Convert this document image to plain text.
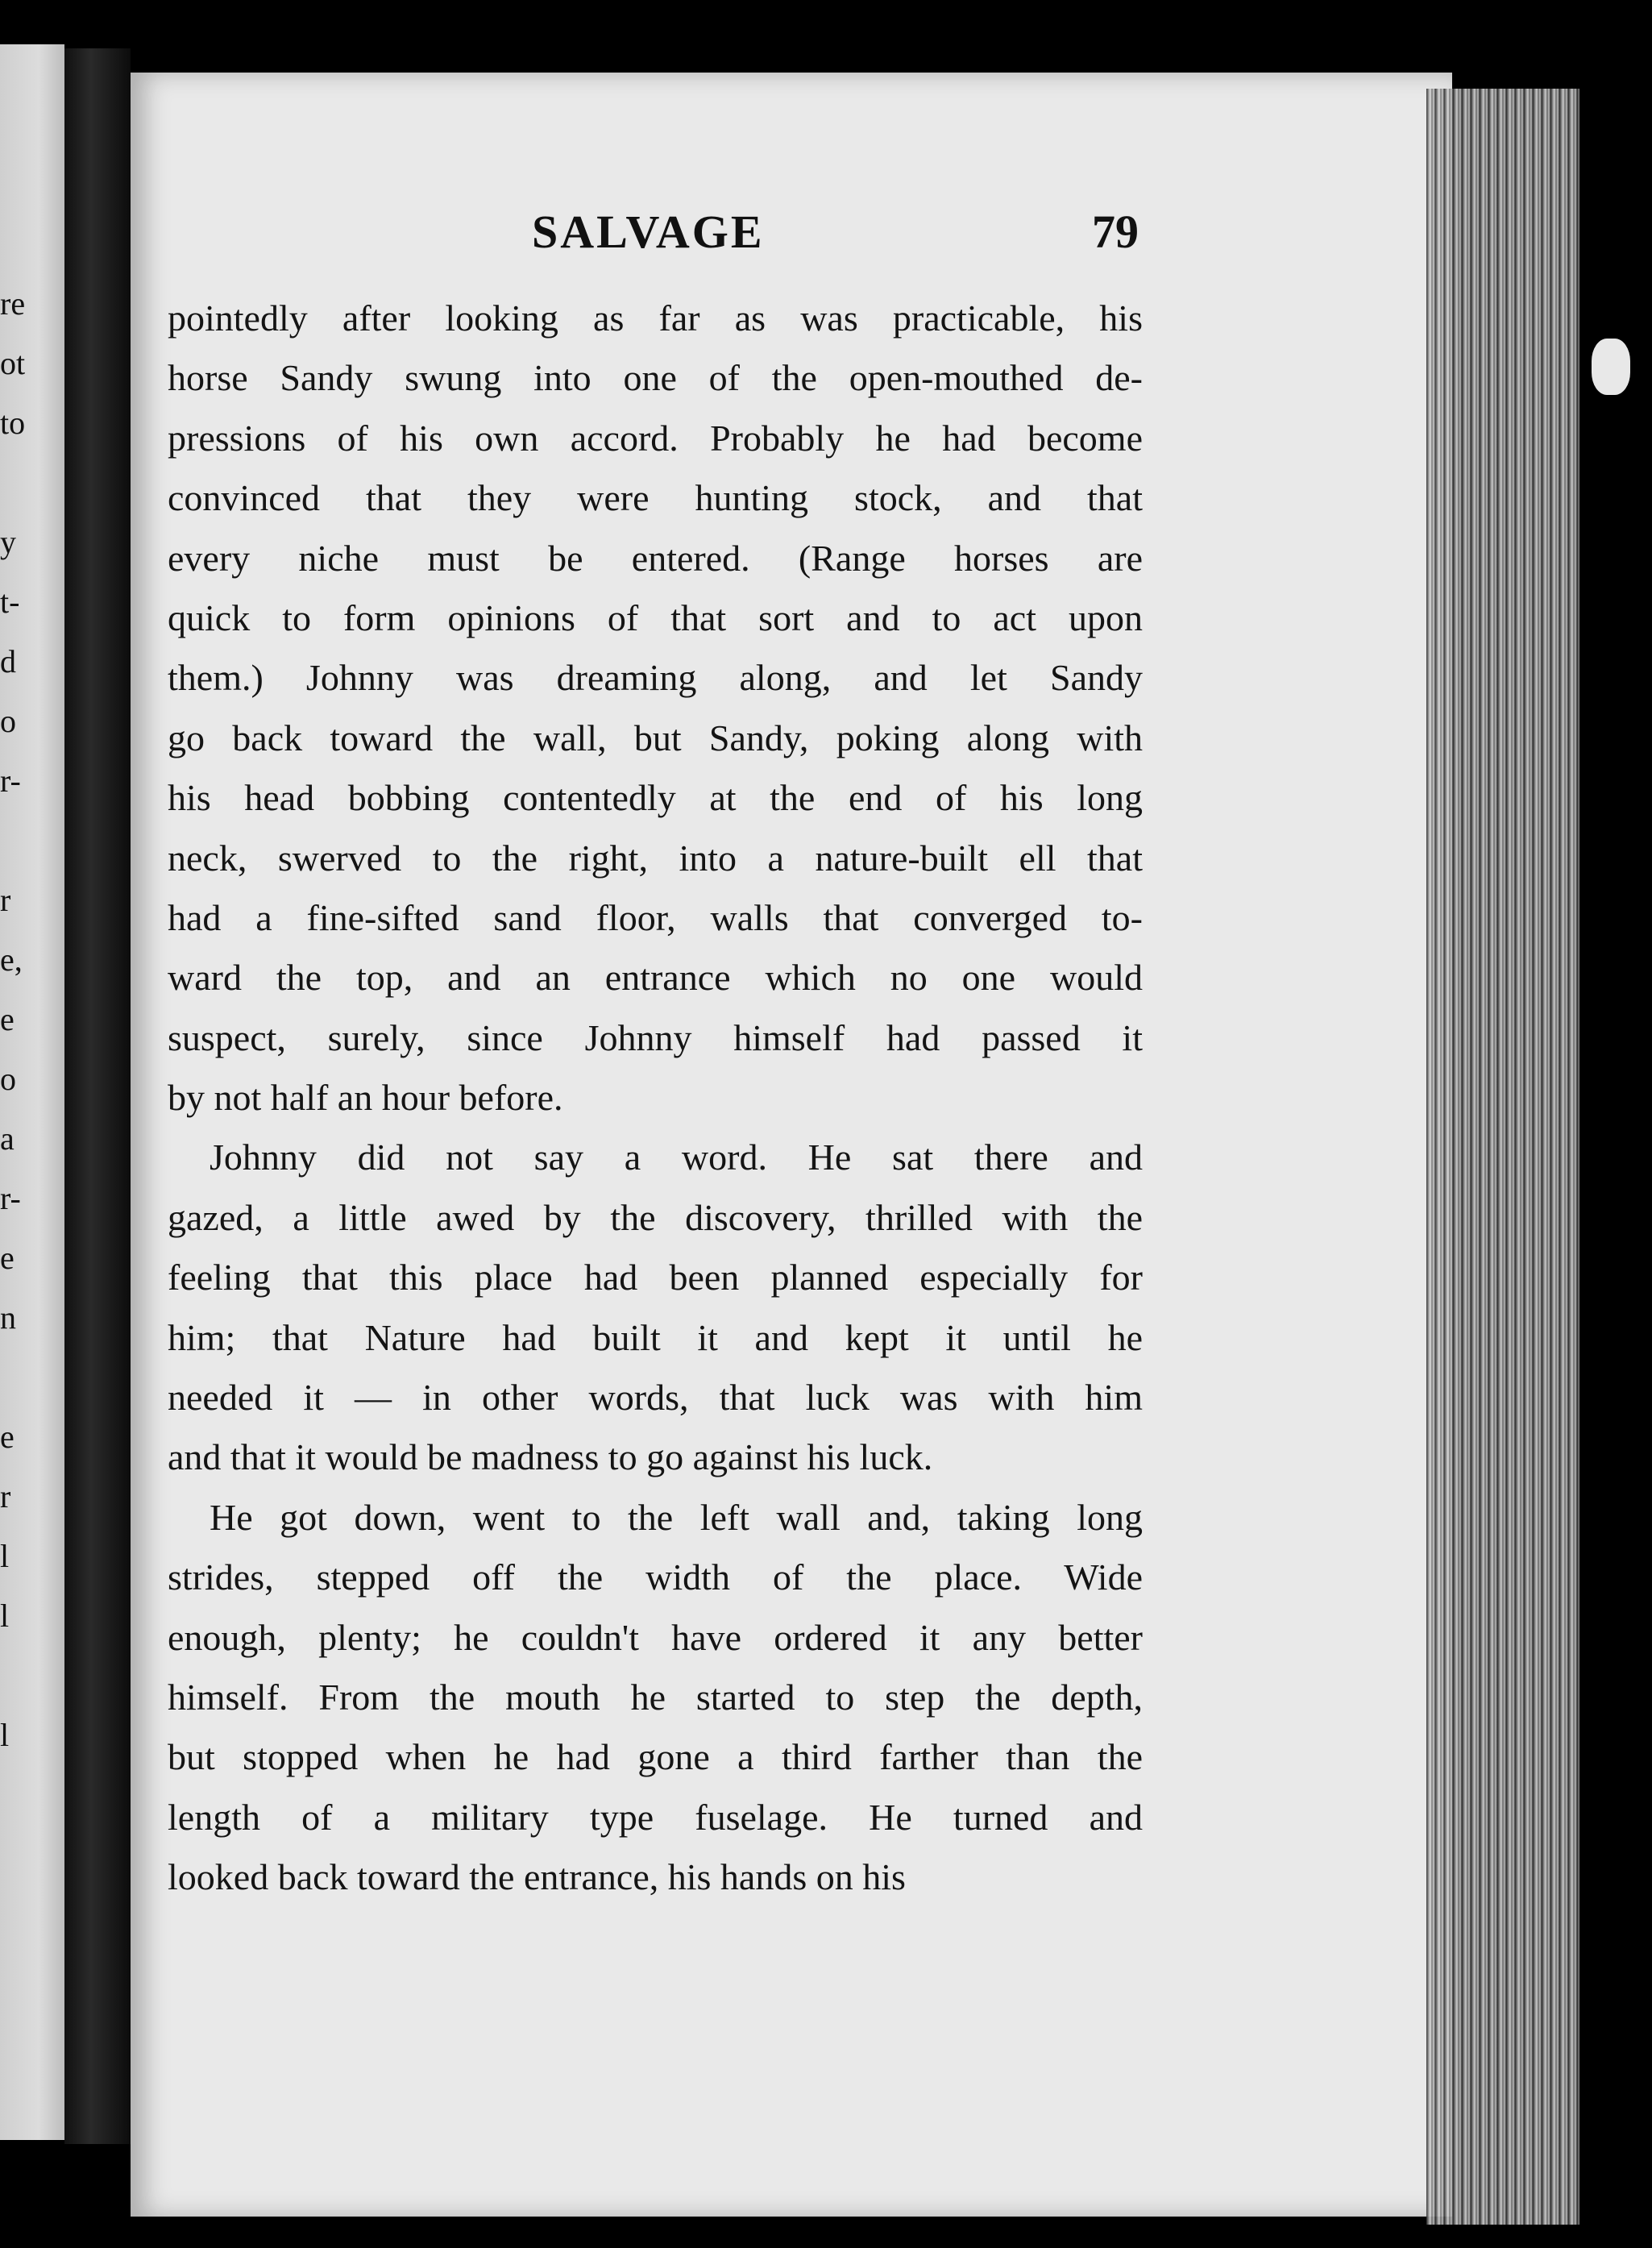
re
ot
to
y
t-
d
o
r-
r
e,
e
o
a
r-
e
n
e
r
l
l
l
SALVAGE	79
pointedly after looking as far as was practicable, his
horse Sandy swung into one of the open-mouthed de-
pressions of his own accord. Probably he had become
convinced that they were hunting stock, and that
every niche must be entered. (Range horses are
quick to form opinions of that sort and to act upon
them.) Johnny was dreaming along, and let Sandy
go back toward the wall, but Sandy, poking along with
his head bobbing contentedly at the end of his long
neck, swerved to the right, into a nature-built ell that
had a fine-sifted sand floor, walls that converged to-
ward the top, and an entrance which no one would
suspect, surely, since Johnny himself had passed it
by not half an hour before.
Johnny did not say a word. He sat there and
gazed, a little awed by the discovery, thrilled with the
feeling that this place had been planned especially for
him; that Nature had built it and kept it until he
needed it — in other words, that luck was with him
and that it would be madness to go against his luck.
He got down, went to the left wall and, taking long
strides, stepped off the width of the place. Wide
enough, plenty; he couldn't have ordered it any better
himself. From the mouth he started to step the depth,
but stopped when he had gone a third farther than the
length of a military type fuselage. He turned and
looked back toward the entrance, his hands on his
